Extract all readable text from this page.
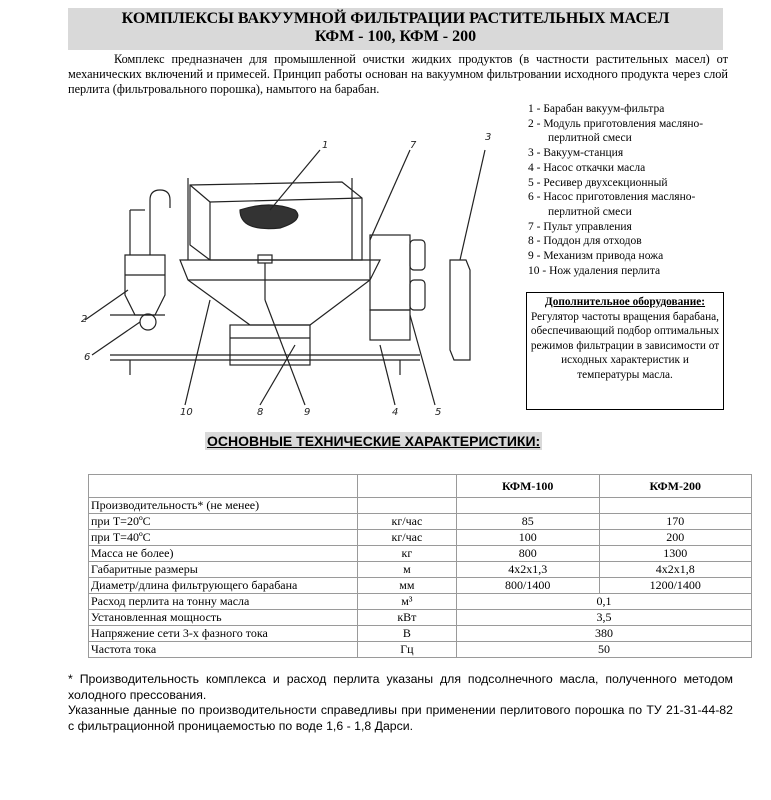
КОМПЛЕКСЫ ВАКУУМНОЙ ФИЛЬТРАЦИИ РАСТИТЕЛЬНЫХ МАСЕЛ
КФМ - 100, КФМ - 200
Комплекс предназначен для промышленной очистки жидких продуктов (в частности растительных масел) от механических включений и примесей. Принцип работы основан на вакуумном фильтровании исходного продукта через слой перлита (фильтровального порошка), намытого на барабан.
1
2
3
4	5
6
7
8	9
10
1 - Барабан вакуум-фильтра
2 - Модуль приготовления масляно-перлитной смеси
3 - Вакуум-станция
4 - Насос откачки масла
5 - Ресивер двухсекционный
6 - Насос приготовления масляно-перлитной смеси
7 - Пульт управления
8 - Поддон для отходов
9 - Механизм привода ножа
10 - Нож удаления перлита
Дополнительное оборудование:
Регулятор частоты вращения барабана, обеспечивающий подбор оптимальных режимов фильтрации в зависимости от исходных характеристик и температуры масла.
ОСНОВНЫЕ ТЕХНИЧЕСКИЕ ХАРАКТЕРИСТИКИ:
		КФМ-100	КФМ-200
Производительность* (не менее)			
при Т=20ºС	кг/час	85	170
при Т=40ºС	кг/час	100	200
Масса не более)	кг	800	1300
Габаритные размеры	м	4х2х1,3	4х2х1,8
Диаметр/длина фильтрующего барабана	мм	800/1400	1200/1400
Расход перлита на тонну масла	м³	0,1	
Установленная мощность	кВт	3,5	
Напряжение сети 3-х фазного тока	В	380	
Частота тока	Гц	50	

* Производительность комплекса и расход перлита указаны для подсолнечного масла, полученного методом холодного прессования.

Указанные данные по производительности справедливы при применении перлитового порошка по ТУ 21-31-44-82 с фильтрационной проницаемостью по воде 1,6 - 1,8 Дарси.
